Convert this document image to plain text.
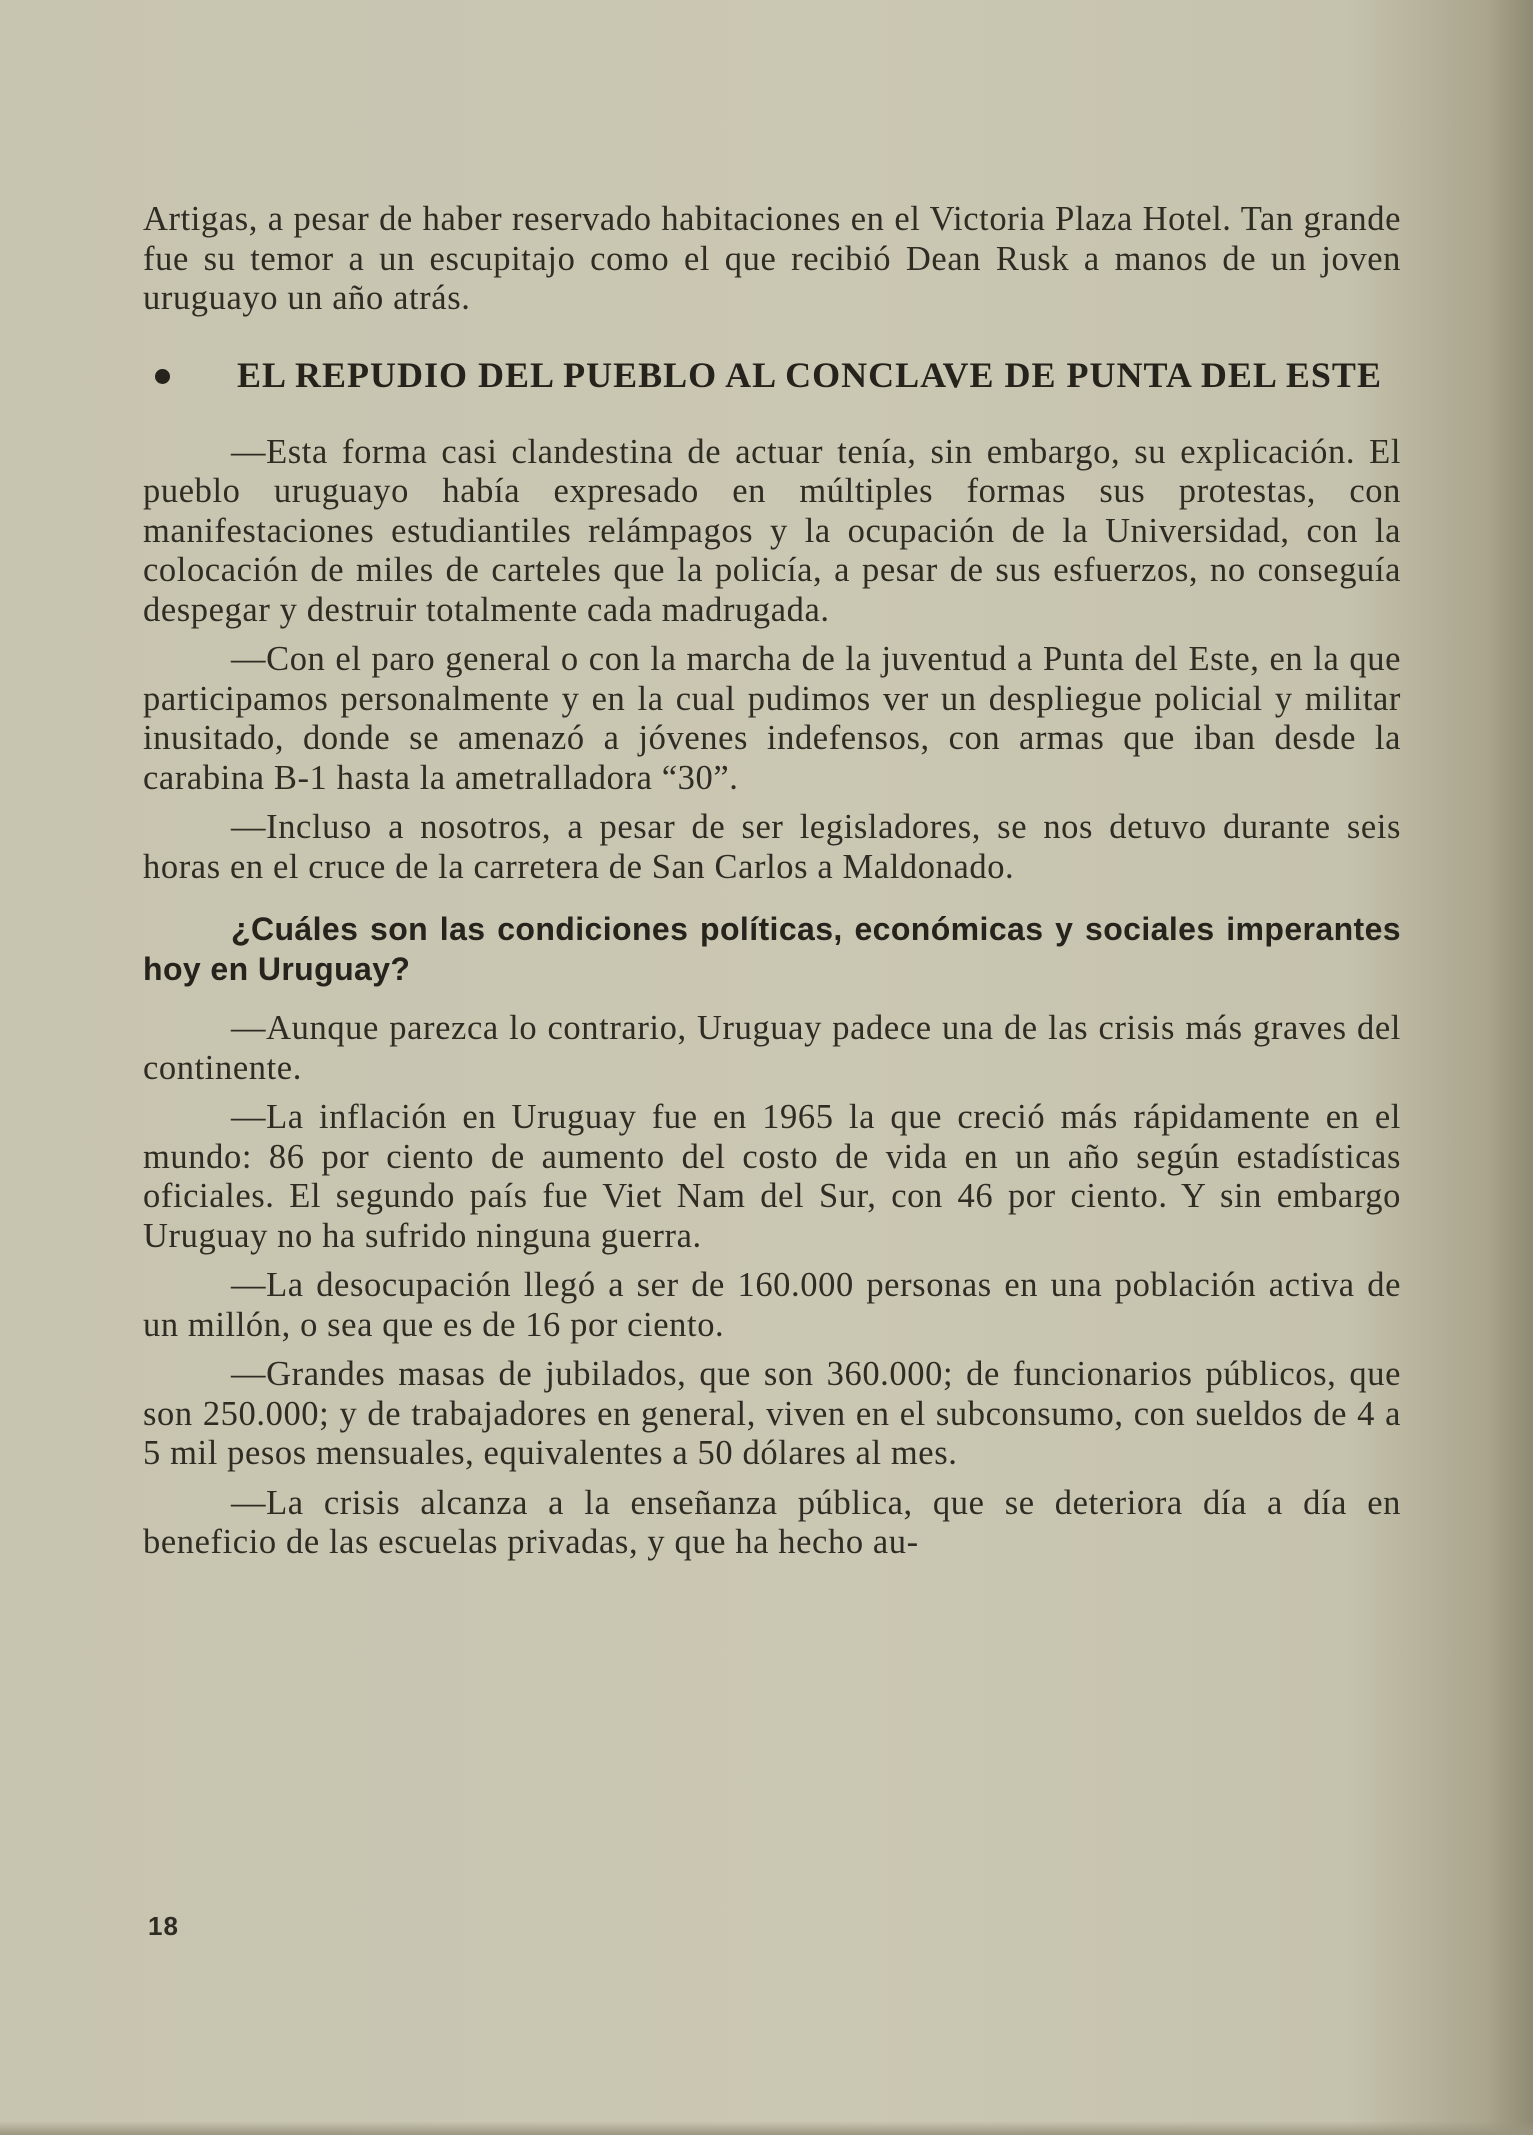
Artigas, a pesar de haber reservado habitaciones en el Victoria Plaza Hotel. Tan grande fue su temor a un escupitajo como el que recibió Dean Rusk a manos de un joven uruguayo un año atrás.

EL REPUDIO DEL PUEBLO AL CONCLAVE DE PUNTA DEL ESTE

—Esta forma casi clandestina de actuar tenía, sin embargo, su explicación. El pueblo uruguayo había expresado en múltiples formas sus protestas, con manifestaciones estudiantiles relámpagos y la ocupación de la Universidad, con la colocación de miles de carteles que la policía, a pesar de sus esfuerzos, no conseguía despegar y destruir totalmente cada madrugada.

—Con el paro general o con la marcha de la juventud a Punta del Este, en la que participamos personalmente y en la cual pudimos ver un despliegue policial y militar inusitado, donde se amenazó a jóvenes indefensos, con armas que iban desde la carabina B-1 hasta la ametralladora “30”.

—Incluso a nosotros, a pesar de ser legisladores, se nos detuvo durante seis horas en el cruce de la carretera de San Carlos a Maldonado.

¿Cuáles son las condiciones políticas, económicas y sociales imperantes hoy en Uruguay?

—Aunque parezca lo contrario, Uruguay padece una de las crisis más graves del continente.

—La inflación en Uruguay fue en 1965 la que creció más rápidamente en el mundo: 86 por ciento de aumento del costo de vida en un año según estadísticas oficiales. El segundo país fue Viet Nam del Sur, con 46 por ciento. Y sin embargo Uruguay no ha sufrido ninguna guerra.

—La desocupación llegó a ser de 160.000 personas en una población activa de un millón, o sea que es de 16 por ciento.

—Grandes masas de jubilados, que son 360.000; de funcionarios públicos, que son 250.000; y de trabajadores en general, viven en el subconsumo, con sueldos de 4 a 5 mil pesos mensuales, equivalentes a 50 dólares al mes.

—La crisis alcanza a la enseñanza pública, que se deteriora día a día en beneficio de las escuelas privadas, y que ha hecho au-

18
